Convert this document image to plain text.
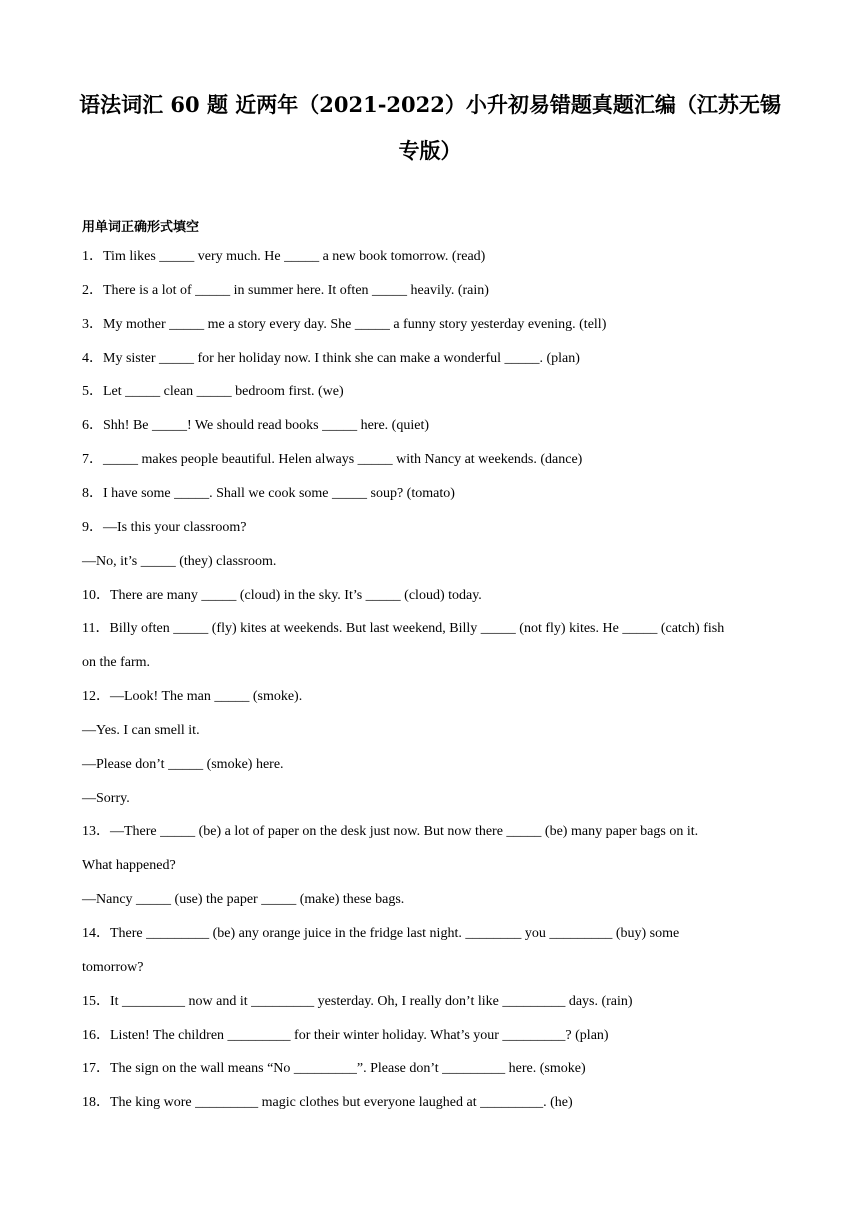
语法词汇 60 题 近两年（2021-2022）小升初易错题真题汇编（江苏无锡
专版）
用单词正确形式填空
1．Tim likes _____ very much. He _____ a new book tomorrow. (read)
2．There is a lot of _____ in summer here. It often _____ heavily. (rain)
3．My mother _____ me a story every day. She _____ a funny story yesterday evening. (tell)
4．My sister _____ for her holiday now. I think she can make a wonderful _____. (plan)
5．Let _____ clean _____ bedroom first. (we)
6．Shh! Be _____! We should read books _____ here. (quiet)
7．_____ makes people beautiful. Helen always _____ with Nancy at weekends. (dance)
8．I have some _____. Shall we cook some _____ soup? (tomato)
9．—Is this your classroom?
—No, it’s _____ (they) classroom.
10．There are many _____ (cloud) in the sky. It’s _____ (cloud) today.
11．Billy often _____ (fly) kites at weekends. But last weekend, Billy _____ (not fly) kites. He _____ (catch) fish
on the farm.
12．—Look! The man _____ (smoke).
—Yes. I can smell it.
—Please don’t _____ (smoke) here.
—Sorry.
13．—There _____ (be) a lot of paper on the desk just now. But now there _____ (be) many paper bags on it.
What happened?
—Nancy _____ (use) the paper _____ (make) these bags.
14．There _________ (be) any orange juice in the fridge last night. ________ you _________ (buy) some
tomorrow?
15．It _________ now and it _________ yesterday. Oh, I really don’t like _________ days. (rain)
16．Listen! The children _________ for their winter holiday. What’s your _________? (plan)
17．The sign on the wall means “No _________”. Please don’t _________ here. (smoke)
18．The king wore _________ magic clothes but everyone laughed at _________. (he)
